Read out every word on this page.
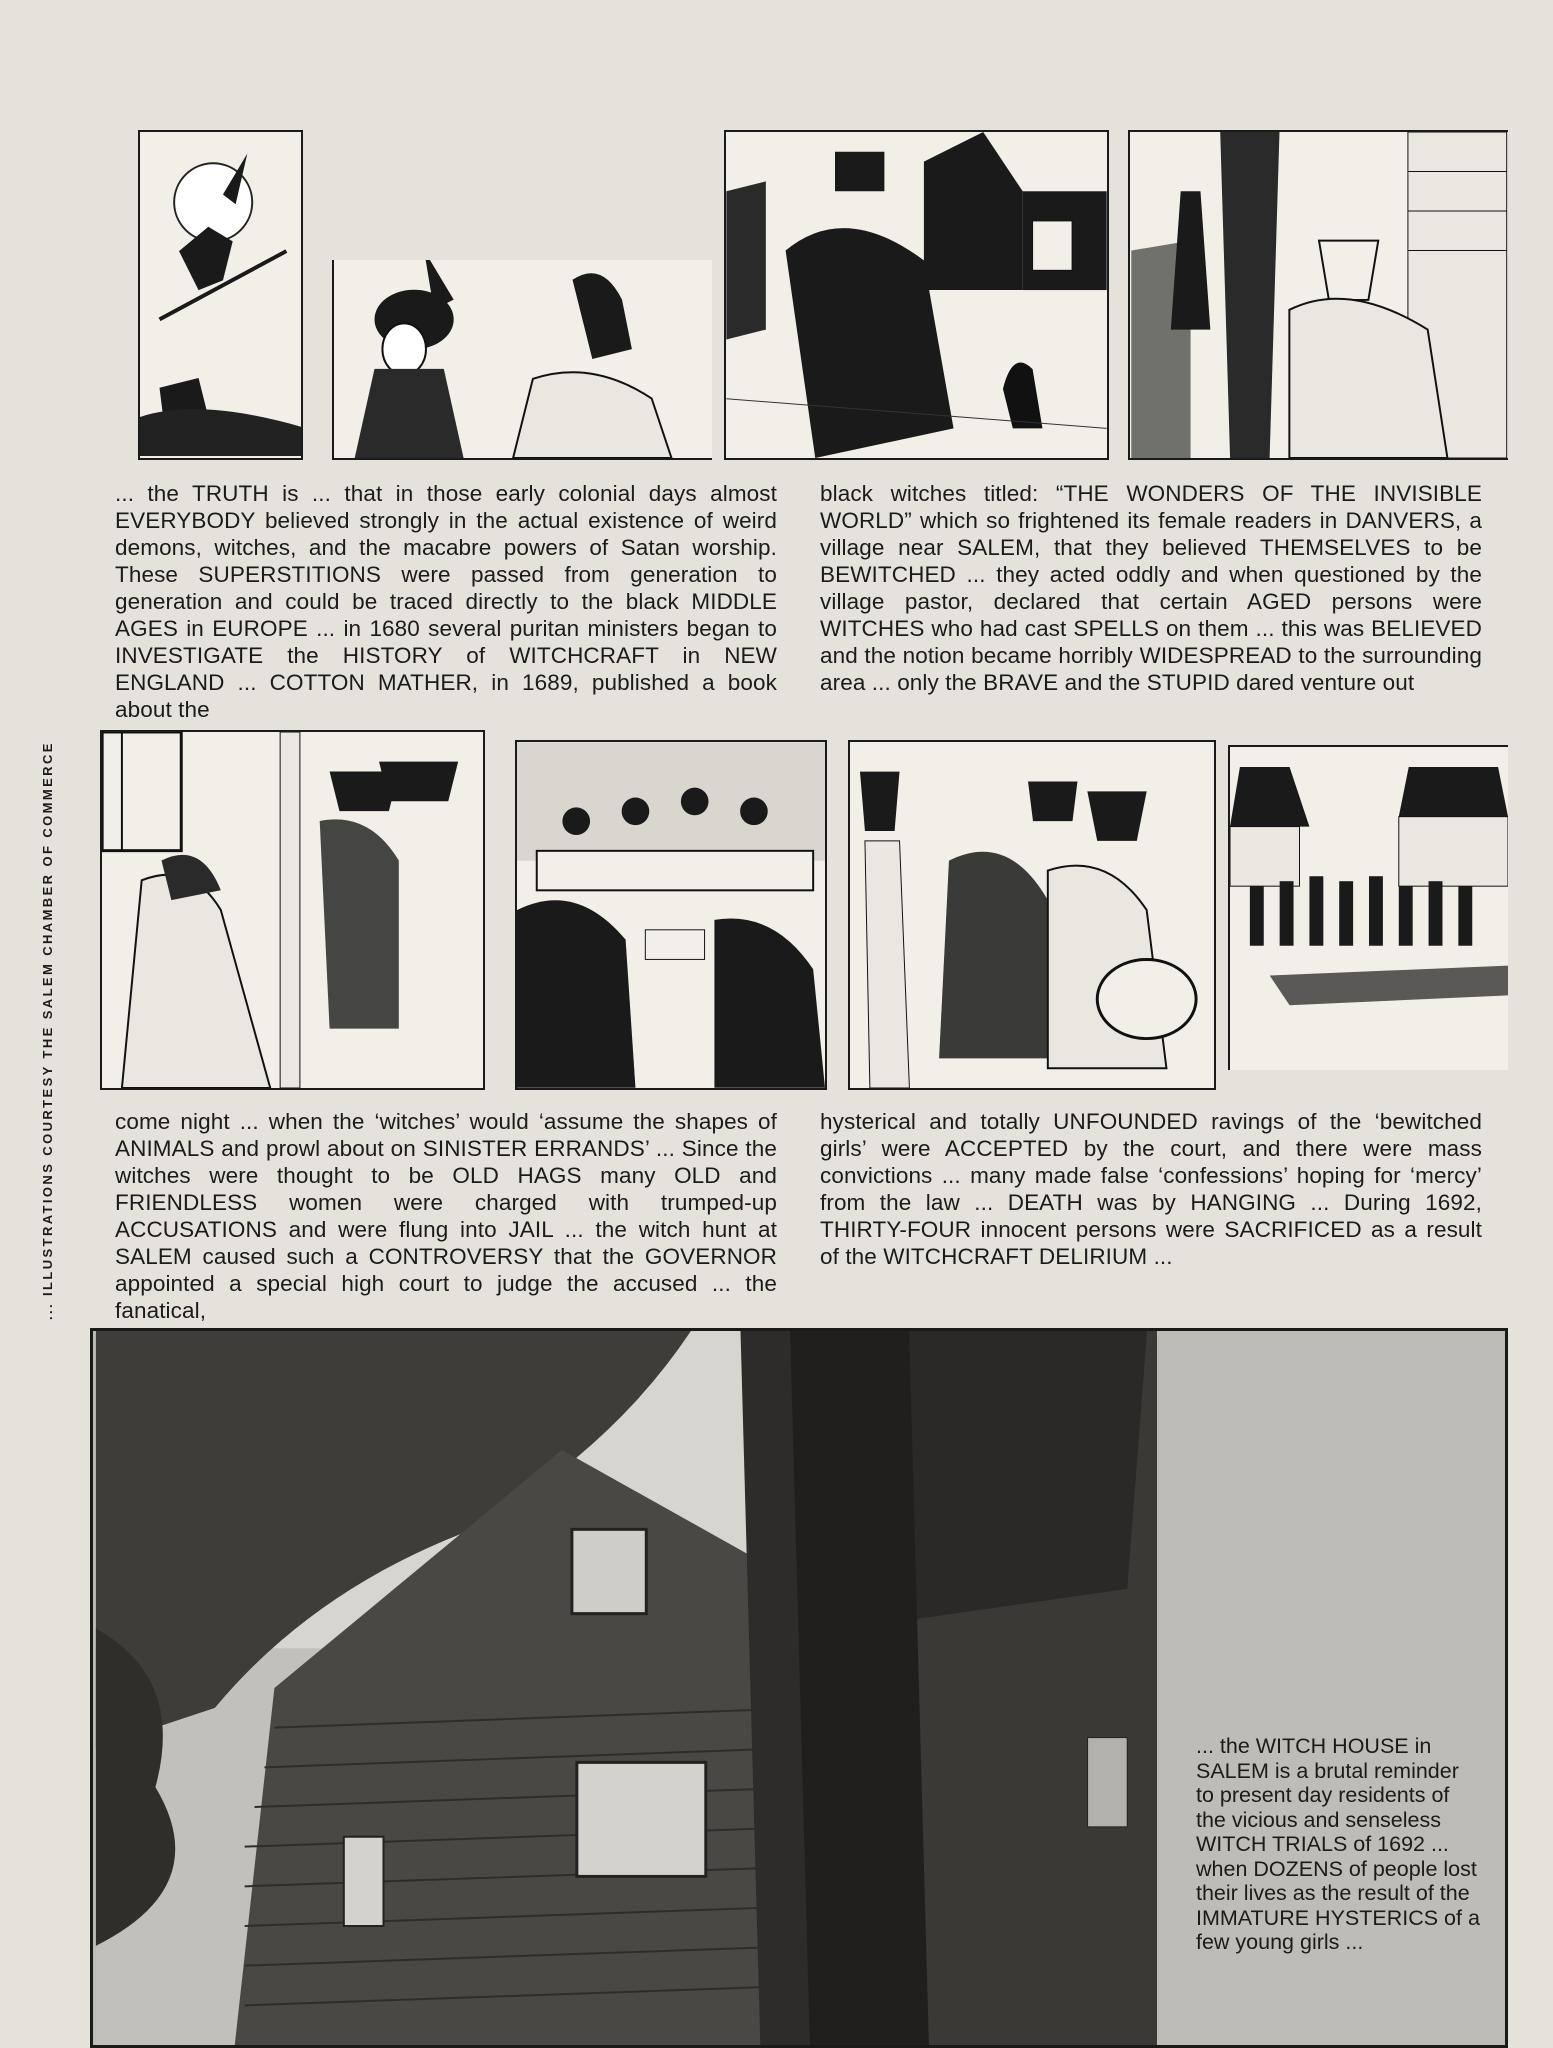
... ILLUSTRATIONS COURTESY THE SALEM CHAMBER OF COMMERCE
... the TRUTH is ... that in those early colonial days almost EVERYBODY believed strongly in the actual existence of weird demons, witches, and the macabre powers of Satan worship. These SUPERSTITIONS were passed from generation to generation and could be traced directly to the black MIDDLE AGES in EUROPE ... in 1680 several puritan ministers began to INVESTIGATE the HISTORY of WITCHCRAFT in NEW ENGLAND ... COTTON MATHER, in 1689, published a book about the
black witches titled: “THE WONDERS OF THE INVISIBLE WORLD” which so frightened its female readers in DANVERS, a village near SALEM, that they believed THEMSELVES to be BEWITCHED ... they acted oddly and when questioned by the village pastor, declared that certain AGED persons were WITCHES who had cast SPELLS on them ... this was BELIEVED and the notion became horribly WIDESPREAD to the surrounding area ... only the BRAVE and the STUPID dared venture out
come night ... when the ‘witches’ would ‘assume the shapes of ANIMALS and prowl about on SINISTER ERRANDS’ ... Since the witches were thought to be OLD HAGS many OLD and FRIENDLESS women were charged with trumped-up ACCUSATIONS and were flung into JAIL ... the witch hunt at SALEM caused such a CONTROVERSY that the GOVERNOR appointed a special high court to judge the accused ... the fanatical,
hysterical and totally UNFOUNDED ravings of the ‘bewitched girls’ were ACCEPTED by the court, and there were mass convictions ... many made false ‘confessions’ hoping for ‘mercy’ from the law ... DEATH was by HANGING ... During 1692, THIRTY-FOUR innocent persons were SACRIFICED as a result of the WITCHCRAFT DELIRIUM ...
... the WITCH HOUSE in SALEM is a brutal reminder to present day residents of the vicious and senseless WITCH TRIALS of 1692 ... when DOZENS of people lost their lives as the result of the IMMATURE HYSTERICS of a few young girls ...
